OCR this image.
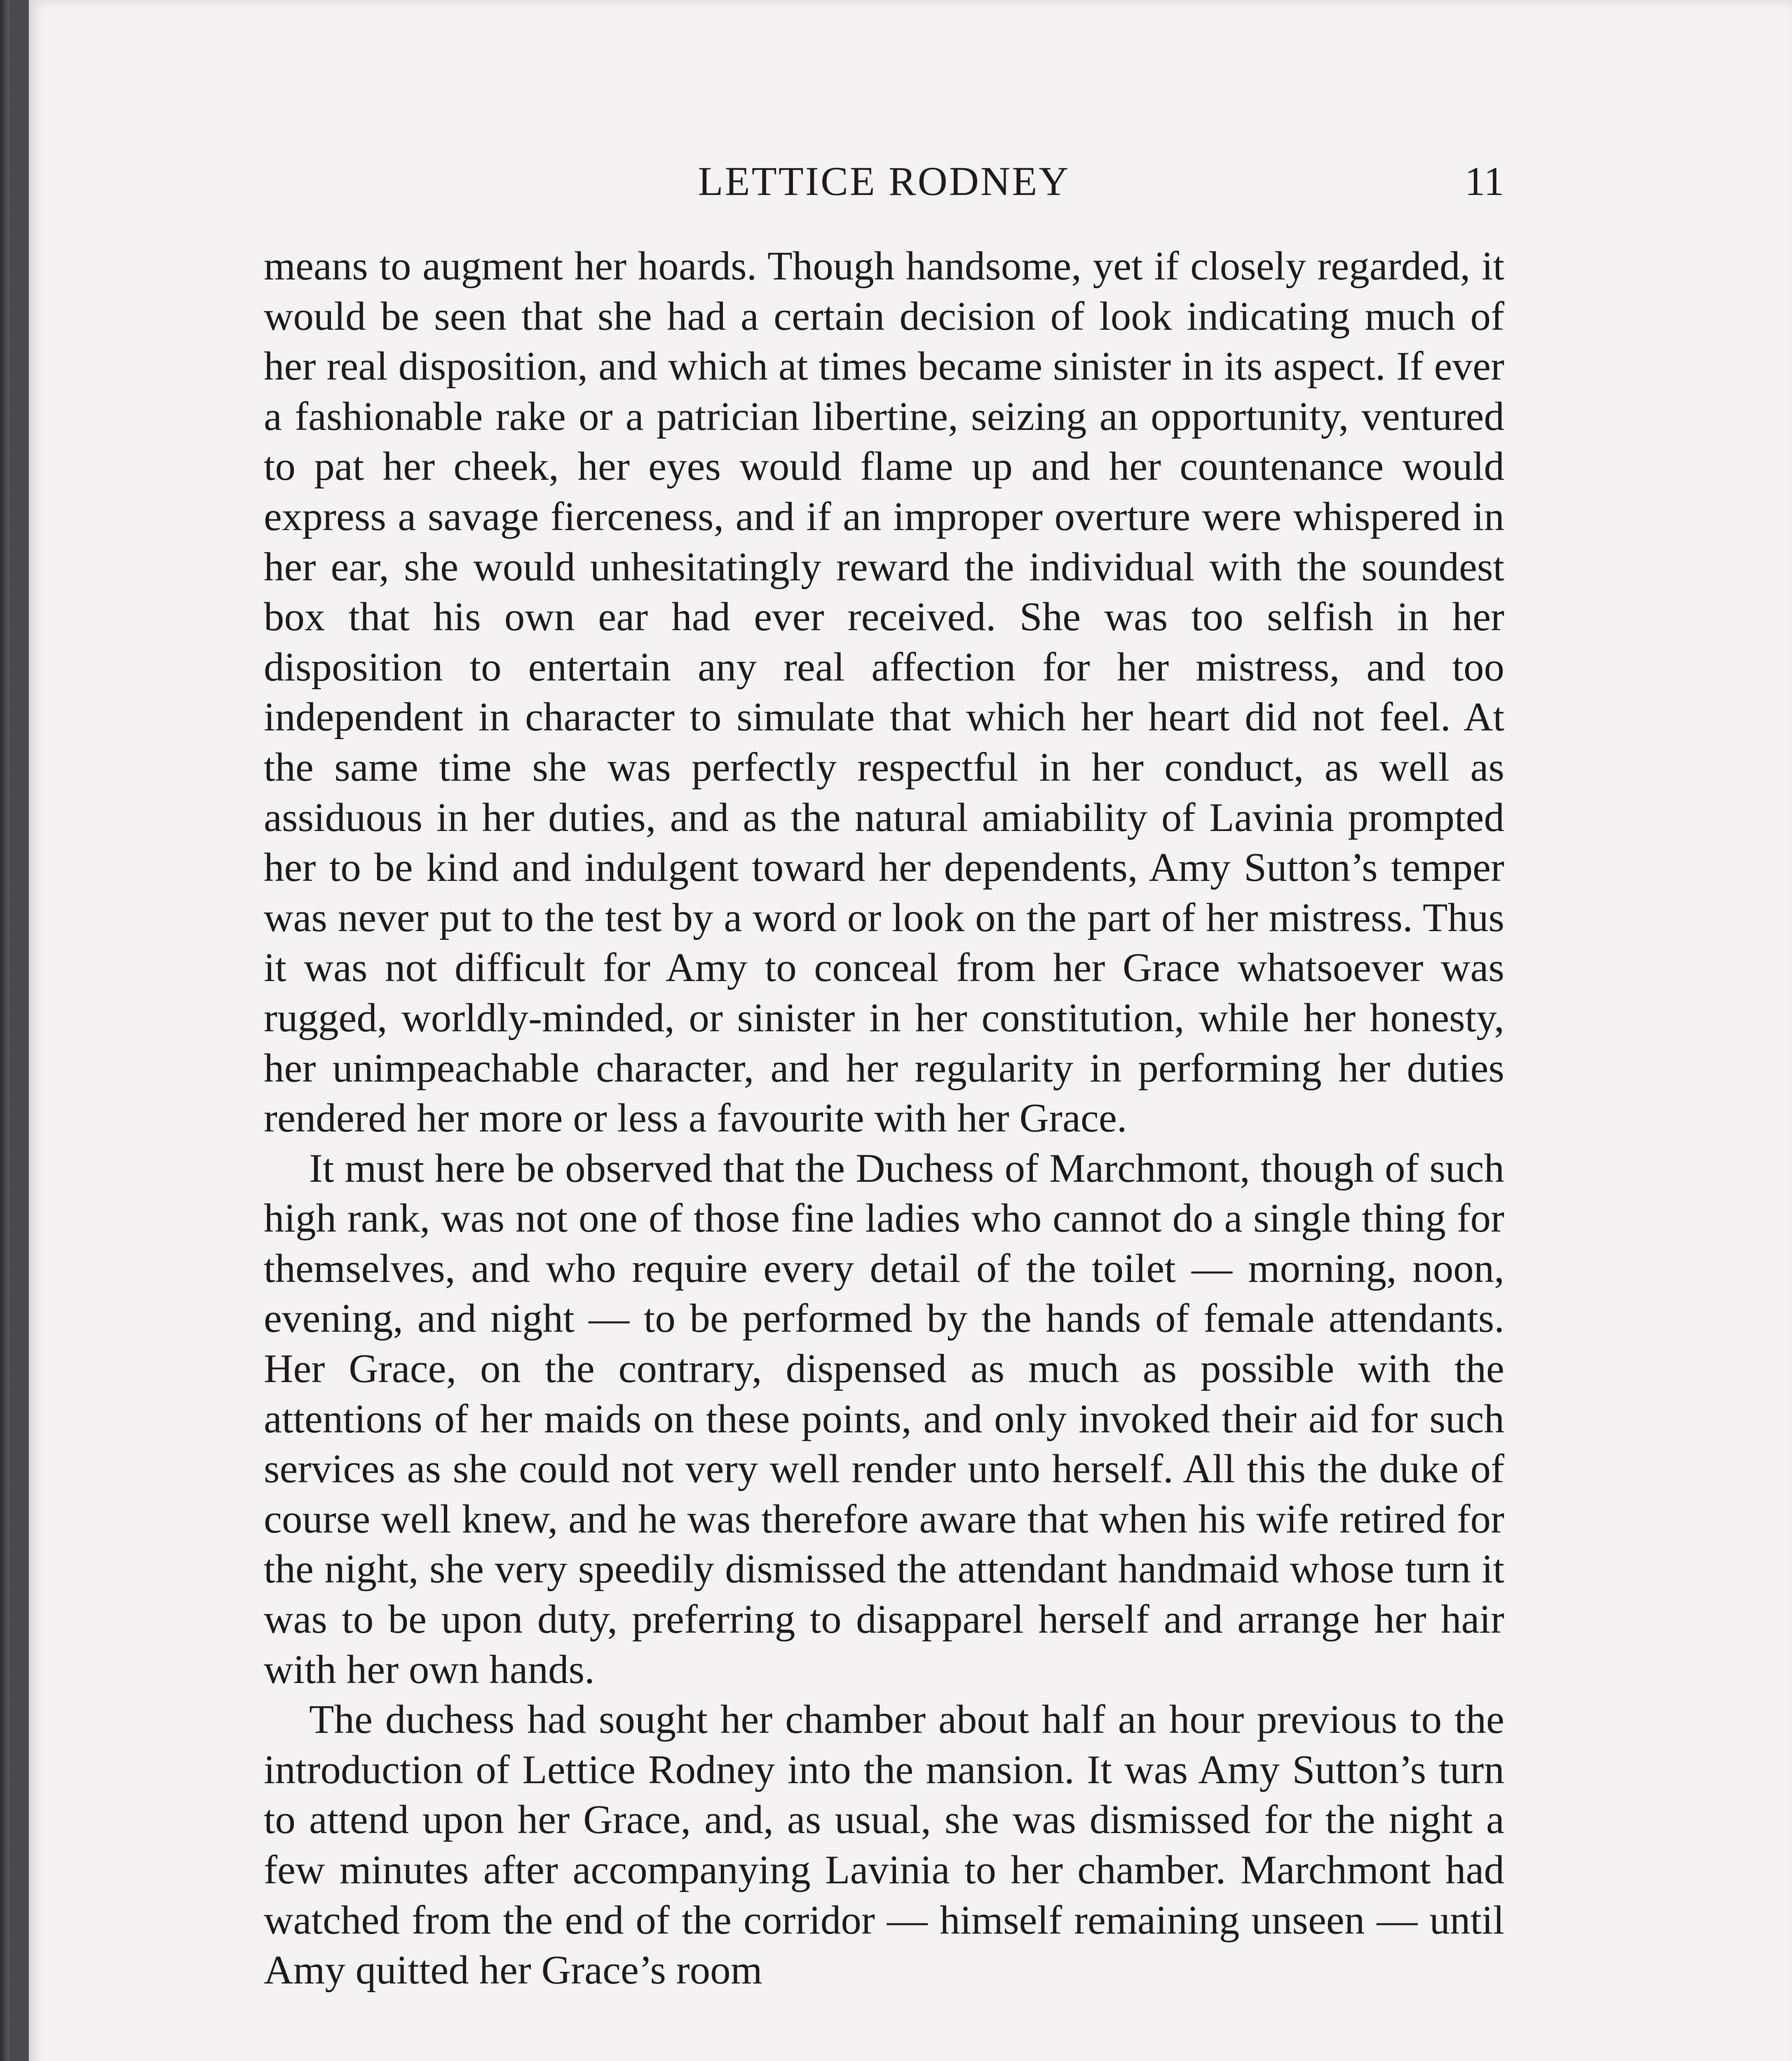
LETTICE RODNEY	11

means to augment her hoards. Though handsome, yet if closely regarded, it would be seen that she had a certain decision of look indicating much of her real disposition, and which at times became sinister in its aspect. If ever a fashionable rake or a patrician libertine, seizing an opportunity, ventured to pat her cheek, her eyes would flame up and her countenance would express a savage fierceness, and if an improper overture were whispered in her ear, she would unhesitatingly reward the individual with the soundest box that his own ear had ever received. She was too selfish in her disposition to entertain any real affection for her mistress, and too independent in character to simulate that which her heart did not feel. At the same time she was perfectly respectful in her conduct, as well as assiduous in her duties, and as the natural amiability of Lavinia prompted her to be kind and indulgent toward her dependents, Amy Sutton’s temper was never put to the test by a word or look on the part of her mistress. Thus it was not difficult for Amy to conceal from her Grace whatsoever was rugged, worldly-minded, or sinister in her constitution, while her honesty, her unimpeachable character, and her regularity in performing her duties rendered her more or less a favourite with her Grace.

It must here be observed that the Duchess of Marchmont, though of such high rank, was not one of those fine ladies who cannot do a single thing for themselves, and who require every detail of the toilet — morning, noon, evening, and night — to be performed by the hands of female attendants. Her Grace, on the contrary, dispensed as much as possible with the attentions of her maids on these points, and only invoked their aid for such services as she could not very well render unto herself. All this the duke of course well knew, and he was therefore aware that when his wife retired for the night, she very speedily dismissed the attendant handmaid whose turn it was to be upon duty, preferring to disapparel herself and arrange her hair with her own hands.

The duchess had sought her chamber about half an hour previous to the introduction of Lettice Rodney into the mansion. It was Amy Sutton’s turn to attend upon her Grace, and, as usual, she was dismissed for the night a few minutes after accompanying Lavinia to her chamber. Marchmont had watched from the end of the corridor — himself remaining unseen — until Amy quitted her Grace’s room
